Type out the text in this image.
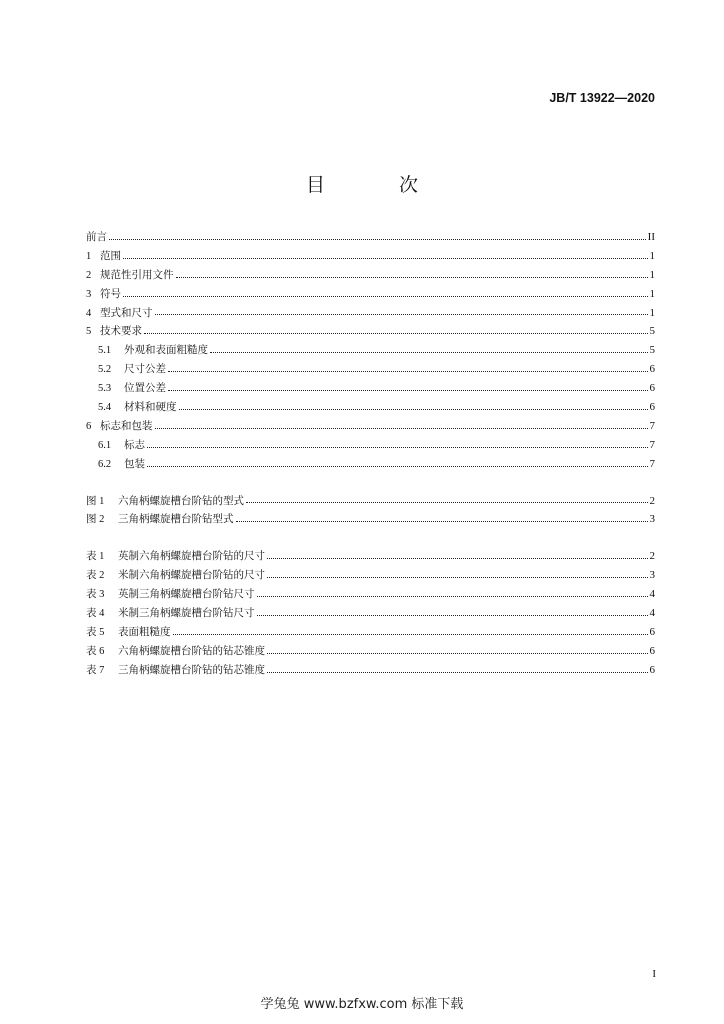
JB/T 13922—2020
目 次
前言	II
1 范围	1
2 规范性引用文件	1
3 符号	1
4 型式和尺寸	1
5 技术要求	5
5.1	外观和表面粗糙度	5
5.2	尺寸公差	6
5.3	位置公差	6
5.4	材料和硬度	6
6 标志和包装	7
6.1	标志	7
6.2	包装	7
图 1	六角柄螺旋槽台阶钻的型式	2
图 2	三角柄螺旋槽台阶钻型式	3
表 1	英制六角柄螺旋槽台阶钻的尺寸	2
表 2	米制六角柄螺旋槽台阶钻的尺寸	3
表 3	英制三角柄螺旋槽台阶钻尺寸	4
表 4	米制三角柄螺旋槽台阶钻尺寸	4
表 5	表面粗糙度	6
表 6	六角柄螺旋槽台阶钻的钻芯锥度	6
表 7	三角柄螺旋槽台阶钻的钻芯锥度	6
I
学兔兔 www.bzfxw.com 标准下载
